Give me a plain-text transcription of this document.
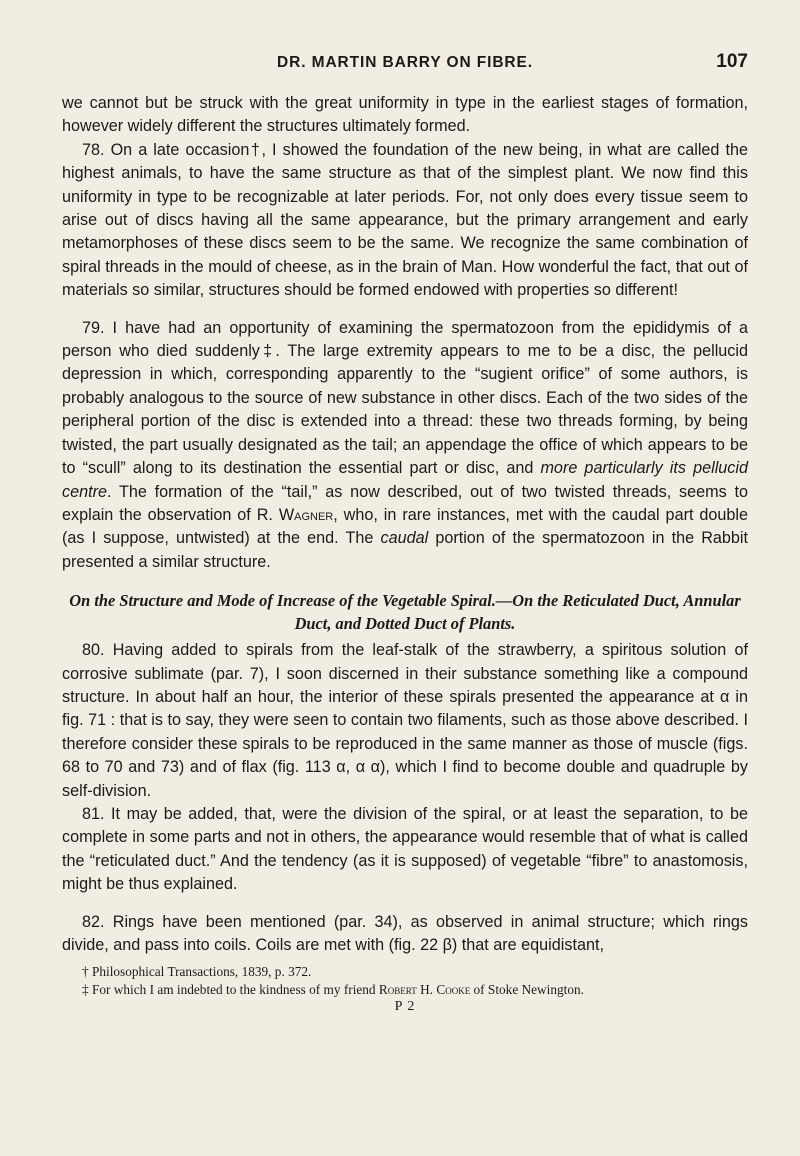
DR. MARTIN BARRY ON FIBRE.	107

we cannot but be struck with the great uniformity in type in the earliest stages of formation, however widely different the structures ultimately formed.

78. On a late occasion†, I showed the foundation of the new being, in what are called the highest animals, to have the same structure as that of the simplest plant. We now find this uniformity in type to be recognizable at later periods. For, not only does every tissue seem to arise out of discs having all the same appearance, but the primary arrangement and early metamorphoses of these discs seem to be the same. We recognize the same combination of spiral threads in the mould of cheese, as in the brain of Man. How wonderful the fact, that out of materials so similar, structures should be formed endowed with properties so different!

79. I have had an opportunity of examining the spermatozoon from the epididymis of a person who died suddenly‡. The large extremity appears to me to be a disc, the pellucid depression in which, corresponding apparently to the “sugient orifice” of some authors, is probably analogous to the source of new substance in other discs. Each of the two sides of the peripheral portion of the disc is extended into a thread: these two threads forming, by being twisted, the part usually designated as the tail; an appendage the office of which appears to be to “scull” along to its destination the essential part or disc, and more particularly its pellucid centre. The formation of the “tail,” as now described, out of two twisted threads, seems to explain the observation of R. Wagner, who, in rare instances, met with the caudal part double (as I suppose, untwisted) at the end. The caudal portion of the spermatozoon in the Rabbit presented a similar structure.

On the Structure and Mode of Increase of the Vegetable Spiral.—On the Reticulated Duct, Annular Duct, and Dotted Duct of Plants.

80. Having added to spirals from the leaf-stalk of the strawberry, a spiritous solution of corrosive sublimate (par. 7), I soon discerned in their substance something like a compound structure. In about half an hour, the interior of these spirals presented the appearance at α in fig. 71 : that is to say, they were seen to contain two filaments, such as those above described. I therefore consider these spirals to be reproduced in the same manner as those of muscle (figs. 68 to 70 and 73) and of flax (fig. 113 α, α α), which I find to become double and quadruple by self-division.

81. It may be added, that, were the division of the spiral, or at least the separation, to be complete in some parts and not in others, the appearance would resemble that of what is called the “reticulated duct.” And the tendency (as it is supposed) of vegetable “fibre” to anastomosis, might be thus explained.

82. Rings have been mentioned (par. 34), as observed in animal structure; which rings divide, and pass into coils. Coils are met with (fig. 22 β) that are equidistant,

† Philosophical Transactions, 1839, p. 372.

‡ For which I am indebted to the kindness of my friend Robert H. Cooke of Stoke Newington.

P 2
